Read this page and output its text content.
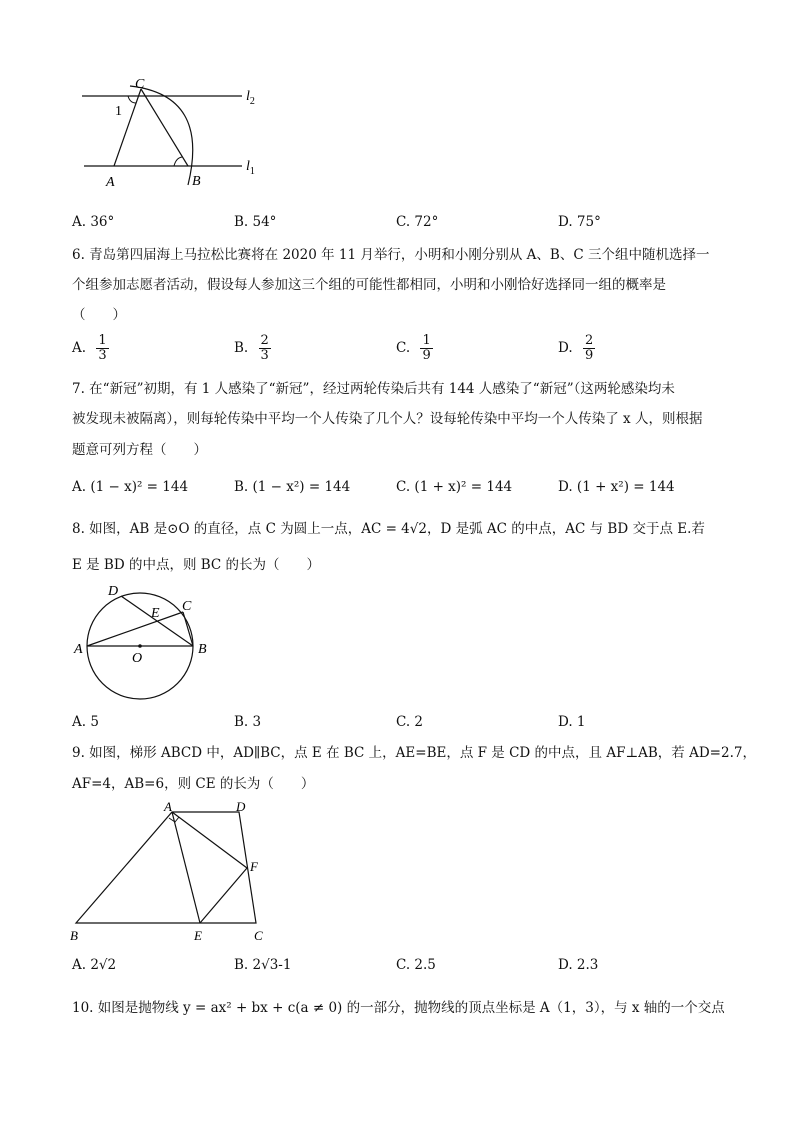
C
1
A	B
$l_2$
$l_1$
A. 36°	B. 54°	C. 72°	D. 75°
6. 青岛第四届海上马拉松比赛将在 2020 年 11 月举行，小明和小刚分别从 A、B、C 三个组中随机选择一
个组参加志愿者活动，假设每人参加这三个组的可能性都相同，小明和小刚恰好选择同一组的概率是
（　　）
A. $\frac{1}{3}$	B. $\frac{2}{3}$	C. $\frac{1}{9}$	D. $\frac{2}{9}$
7. 在“新冠”初期，有 1 人感染了“新冠”，经过两轮传染后共有 144 人感染了“新冠”（这两轮感染均未
被发现未被隔离），则每轮传染中平均一个人传染了几个人？设每轮传染中平均一个人传染了 x 人，则根据
题意可列方程（　　）
A. (1 − x)² = 144	B. (1 − x²) = 144	C. (1 + x)² = 144	D. (1 + x²) = 144
8. 如图，AB 是⊙O 的直径，点 C 为圆上一点，AC = 4√2，D 是弧 AC 的中点，AC 与 BD 交于点 E.若
E 是 BD 的中点，则 BC 的长为（　　）
D
E C
A
O
B
A. 5	B. 3	C. 2	D. 1
9. 如图，梯形 ABCD 中，AD∥BC，点 E 在 BC 上，AE=BE，点 F 是 CD 的中点，且 AF⊥AB，若 AD=2.7，
AF=4，AB=6，则 CE 的长为（　　）
A	D
F
B	E	C
A. 2√2	B. 2√3-1	C. 2.5	D. 2.3
10. 如图是抛物线 y = ax² + bx + c(a ≠ 0) 的一部分，抛物线的顶点坐标是 A（1，3），与 x 轴的一个交点
